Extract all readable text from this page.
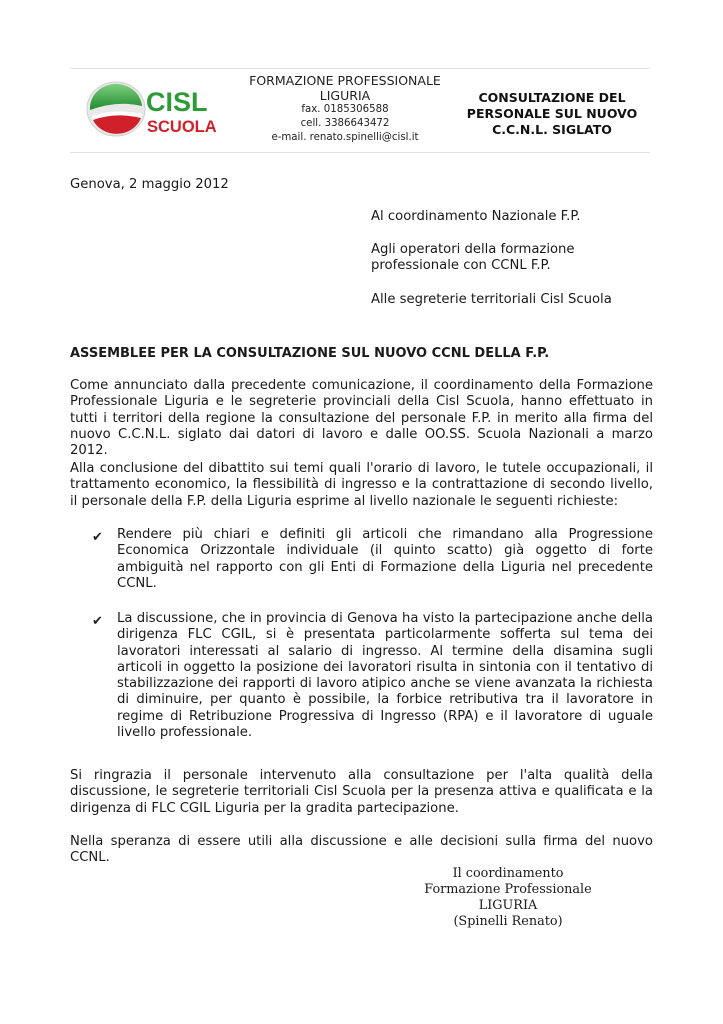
CISL
SCUOLA
FORMAZIONE PROFESSIONALE
LIGURIA
fax. 0185306588
cell. 3386643472
e-mail. renato.spinelli@cisl.it
CONSULTAZIONE DEL
PERSONALE SUL NUOVO
C.C.N.L. SIGLATO

Genova, 2 maggio 2012

Al coordinamento Nazionale F.P.

Agli operatori della formazione
professionale con CCNL F.P.

Alle segreterie territoriali Cisl Scuola

ASSEMBLEE PER LA CONSULTAZIONE SUL NUOVO CCNL DELLA F.P.

Come annunciato dalla precedente comunicazione, il coordinamento della Formazione Professionale Liguria e le segreterie provinciali della Cisl Scuola, hanno effettuato in tutti i territori della regione la consultazione del personale F.P. in merito alla firma del nuovo C.C.N.L. siglato dai datori di lavoro e dalle OO.SS. Scuola Nazionali a marzo 2012.

Alla conclusione del dibattito sui temi quali l'orario di lavoro, le tutele occupazionali, il trattamento economico, la flessibilità di ingresso e la contrattazione di secondo livello, il personale della F.P. della Liguria esprime al livello nazionale le seguenti richieste:

✔ Rendere più chiari e definiti gli articoli che rimandano alla Progressione Economica Orizzontale individuale (il quinto scatto) già oggetto di forte ambiguità nel rapporto con gli Enti di Formazione della Liguria nel precedente CCNL.

✔ La discussione, che in provincia di Genova ha visto la partecipazione anche della dirigenza FLC CGIL, si è presentata particolarmente sofferta sul tema dei lavoratori interessati al salario di ingresso. Al termine della disamina sugli articoli in oggetto la posizione dei lavoratori risulta in sintonia con il tentativo di stabilizzazione dei rapporti di lavoro atipico anche se viene avanzata la richiesta di diminuire, per quanto è possibile, la forbice retributiva tra il lavoratore in regime di Retribuzione Progressiva di Ingresso (RPA) e il lavoratore di uguale livello professionale.

Si ringrazia il personale intervenuto alla consultazione per l'alta qualità della discussione, le segreterie territoriali Cisl Scuola per la presenza attiva e qualificata e la dirigenza di FLC CGIL Liguria per la gradita partecipazione.

Nella speranza di essere utili alla discussione e alle decisioni sulla firma del nuovo CCNL.

Il coordinamento
Formazione Professionale
LIGURIA
(Spinelli Renato)
